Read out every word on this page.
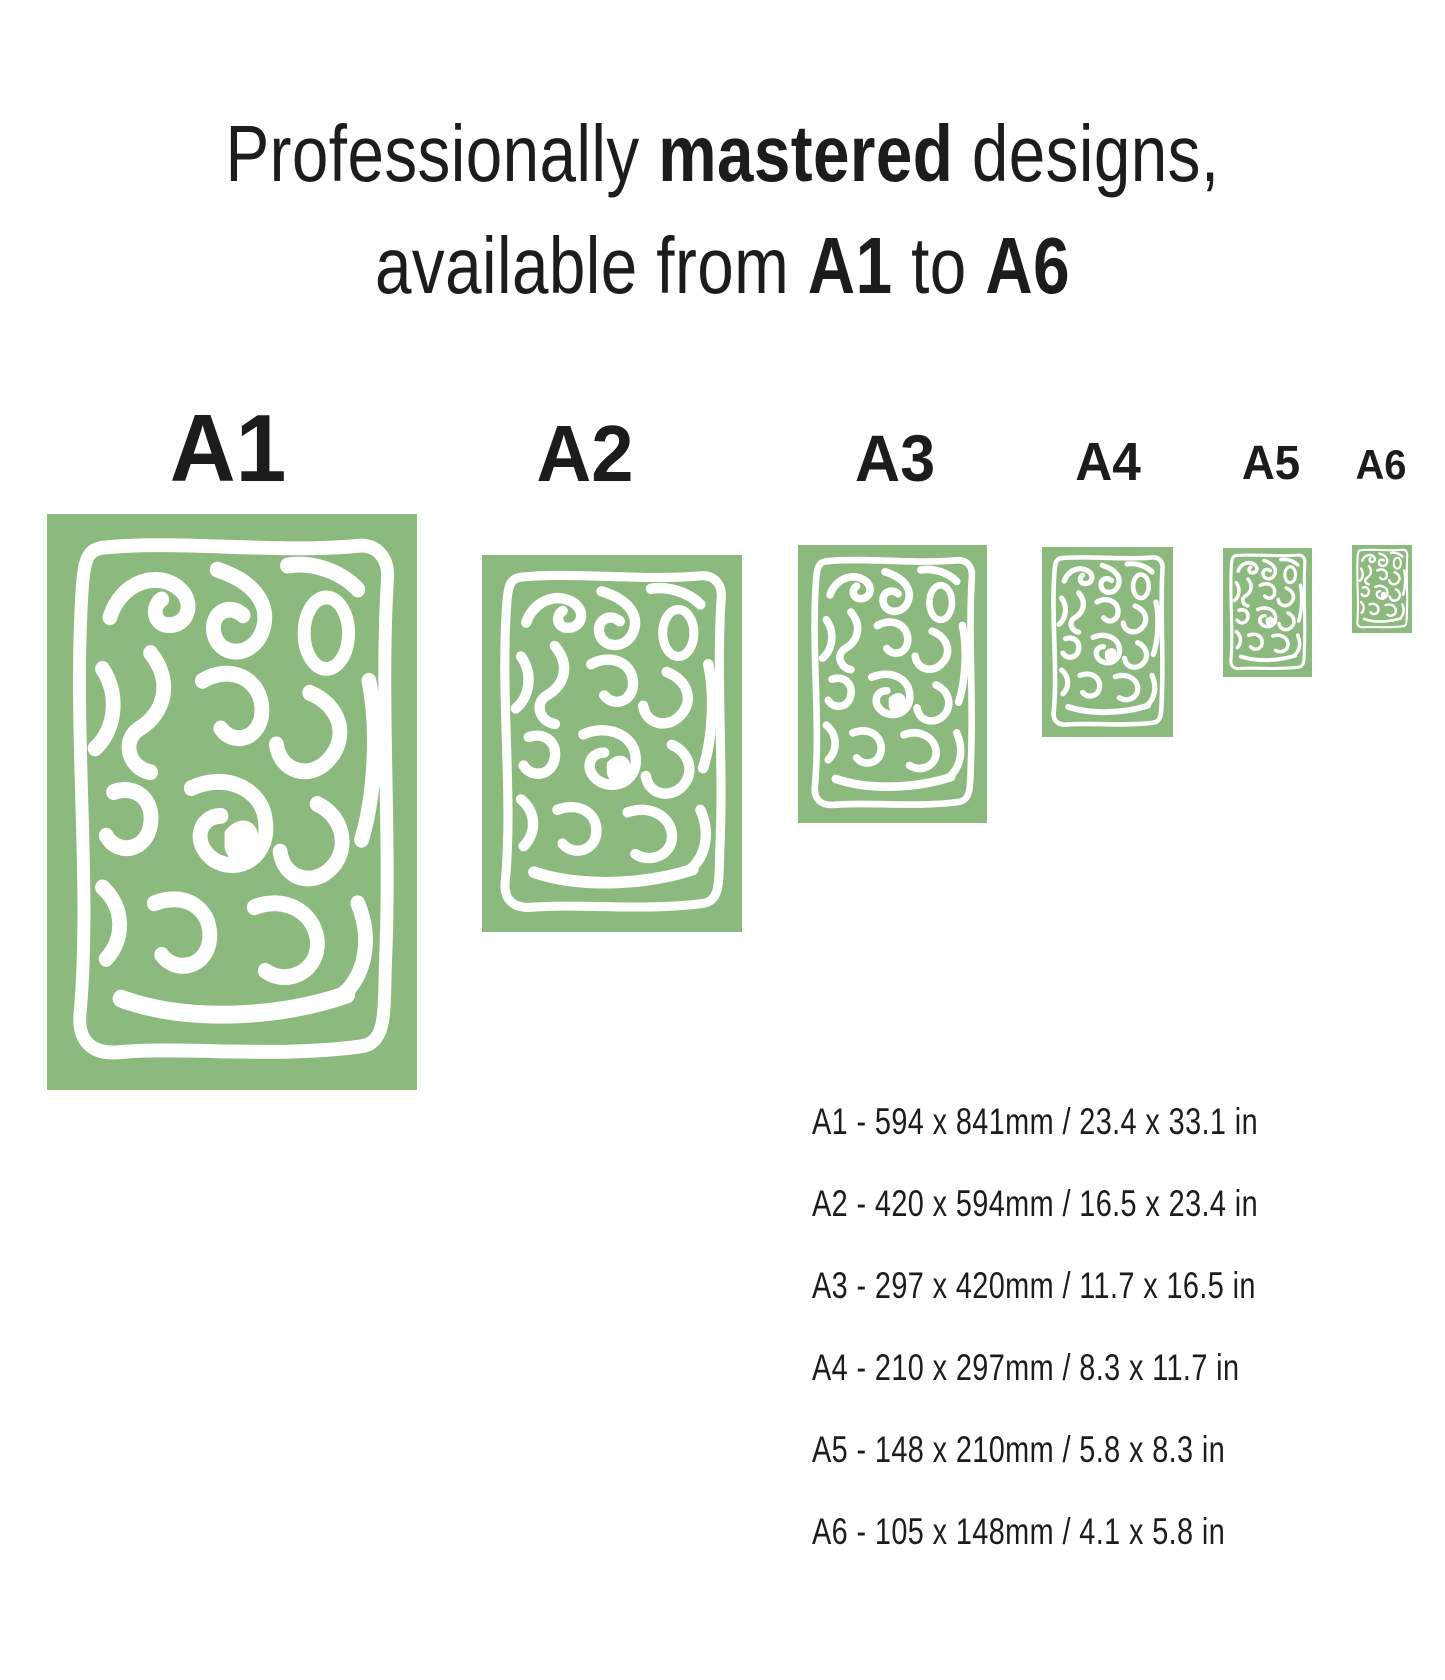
Professionally mastered designs,
available from A1 to A6
A1	A2	A3	A4 A5 A6
A1 - 594 x 841mm / 23.4 x 33.1 in
A2 - 420 x 594mm / 16.5 x 23.4 in
A3 - 297 x 420mm / 11.7 x 16.5 in
A4 - 210 x 297mm / 8.3 x 11.7 in
A5 - 148 x 210mm / 5.8 x 8.3 in
A6 - 105 x 148mm / 4.1 x 5.8 in
